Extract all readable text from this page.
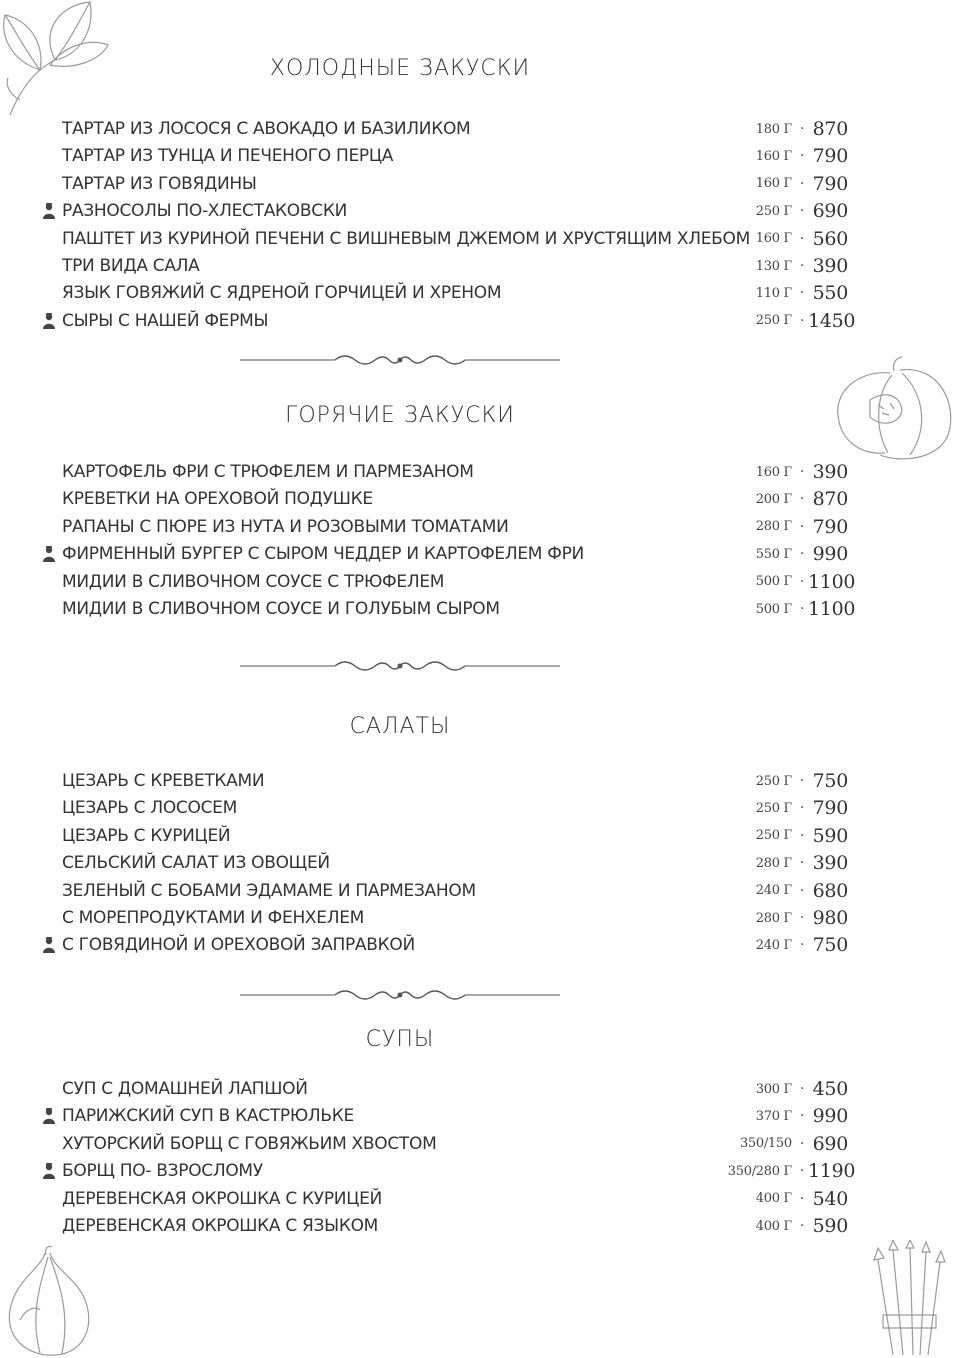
ХОЛОДНЫЕ ЗАКУСКИ
ТАРТАР ИЗ ЛОСОСЯ С АВОКАДО И БАЗИЛИКОМ	180 Г · 870
ТАРТАР ИЗ ТУНЦА И ПЕЧЕНОГО ПЕРЦА	160 Г · 790
ТАРТАР ИЗ ГОВЯДИНЫ	160 Г · 790
РАЗНОСОЛЫ ПО-ХЛЕСТАКОВСКИ	250 Г · 690
ПАШТЕТ ИЗ КУРИНОЙ ПЕЧЕНИ С ВИШНЕВЫМ ДЖЕМОМ И ХРУСТЯЩИМ ХЛЕБОМ 160 Г · 560
ТРИ ВИДА САЛА	130 Г · 390
ЯЗЫК ГОВЯЖИЙ С ЯДРЕНОЙ ГОРЧИЦЕЙ И ХРЕНОМ	110 Г · 550
СЫРЫ С НАШЕЙ ФЕРМЫ	250 Г · 1450
ГОРЯЧИЕ ЗАКУСКИ
КАРТОФЕЛЬ ФРИ С ТРЮФЕЛЕМ И ПАРМЕЗАНОМ	160 Г · 390
КРЕВЕТКИ НА ОРЕХОВОЙ ПОДУШКЕ	200 Г · 870
РАПАНЫ С ПЮРЕ ИЗ НУТА И РОЗОВЫМИ ТОМАТАМИ	280 Г · 790
ФИРМЕННЫЙ БУРГЕР С СЫРОМ ЧЕДДЕР И КАРТОФЕЛЕМ ФРИ	550 Г · 990
МИДИИ В СЛИВОЧНОМ СОУСЕ С ТРЮФЕЛЕМ	500 Г · 1100
МИДИИ В СЛИВОЧНОМ СОУСЕ И ГОЛУБЫМ СЫРОМ	500 Г · 1100
САЛАТЫ
ЦЕЗАРЬ С КРЕВЕТКАМИ	250 Г · 750
ЦЕЗАРЬ С ЛОСОСЕМ	250 Г · 790
ЦЕЗАРЬ С КУРИЦЕЙ	250 Г · 590
СЕЛЬСКИЙ САЛАТ ИЗ ОВОЩЕЙ	280 Г · 390
ЗЕЛЕНЫЙ С БОБАМИ ЭДАМАМЕ И ПАРМЕЗАНОМ	240 Г · 680
С МОРЕПРОДУКТАМИ И ФЕНХЕЛЕМ	280 Г · 980
С ГОВЯДИНОЙ И ОРЕХОВОЙ ЗАПРАВКОЙ	240 Г · 750
СУПЫ
СУП С ДОМАШНЕЙ ЛАПШОЙ	300 Г · 450
ПАРИЖСКИЙ СУП В КАСТРЮЛЬКЕ	370 Г · 990
ХУТОРСКИЙ БОРЩ С ГОВЯЖЬИМ ХВОСТОМ	350/150 · 690
БОРЩ ПО- ВЗРОСЛОМУ	350/280 Г · 1190
ДЕРЕВЕНСКАЯ ОКРОШКА С КУРИЦЕЙ	400 Г · 540
ДЕРЕВЕНСКАЯ ОКРОШКА С ЯЗЫКОМ	400 Г · 590
